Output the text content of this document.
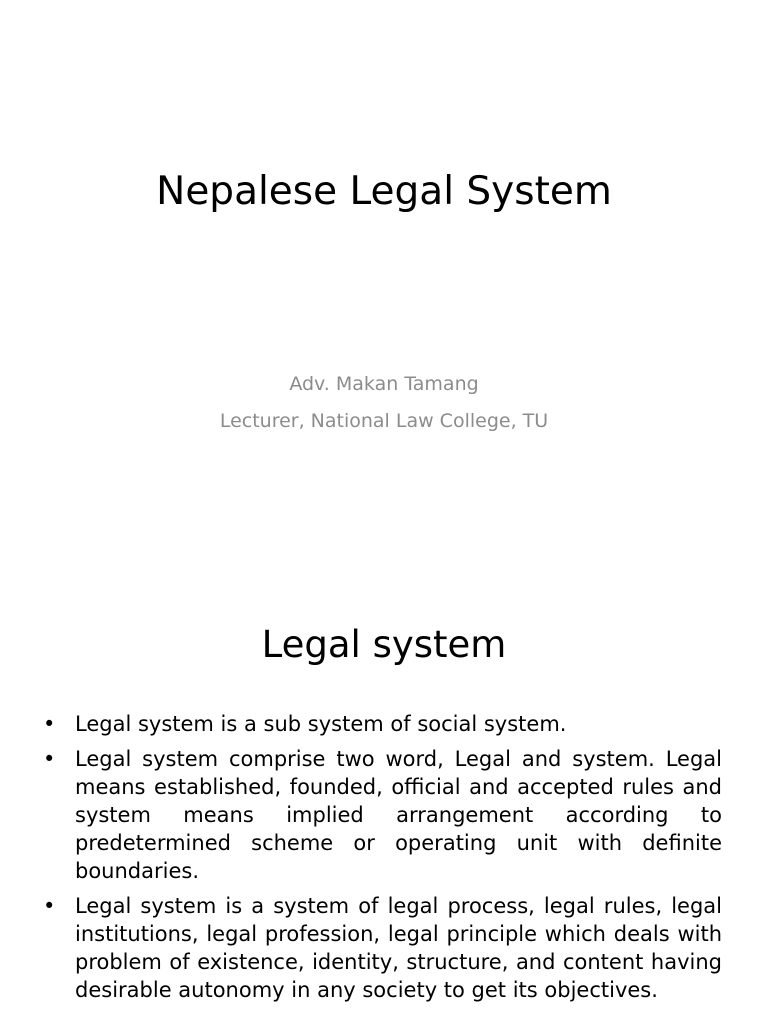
Nepalese Legal System
Adv. Makan Tamang
Lecturer, National Law College, TU
Legal system
• Legal system is a sub system of social system.
• Legal system comprise two word, Legal and system. Legal means established, founded, official and accepted rules and system means implied arrangement according to predetermined scheme or operating unit with definite boundaries.
• Legal system is a system of legal process, legal rules, legal institutions, legal profession, legal principle which deals with problem of existence, identity, structure, and content having desirable autonomy in any society to get its objectives.
